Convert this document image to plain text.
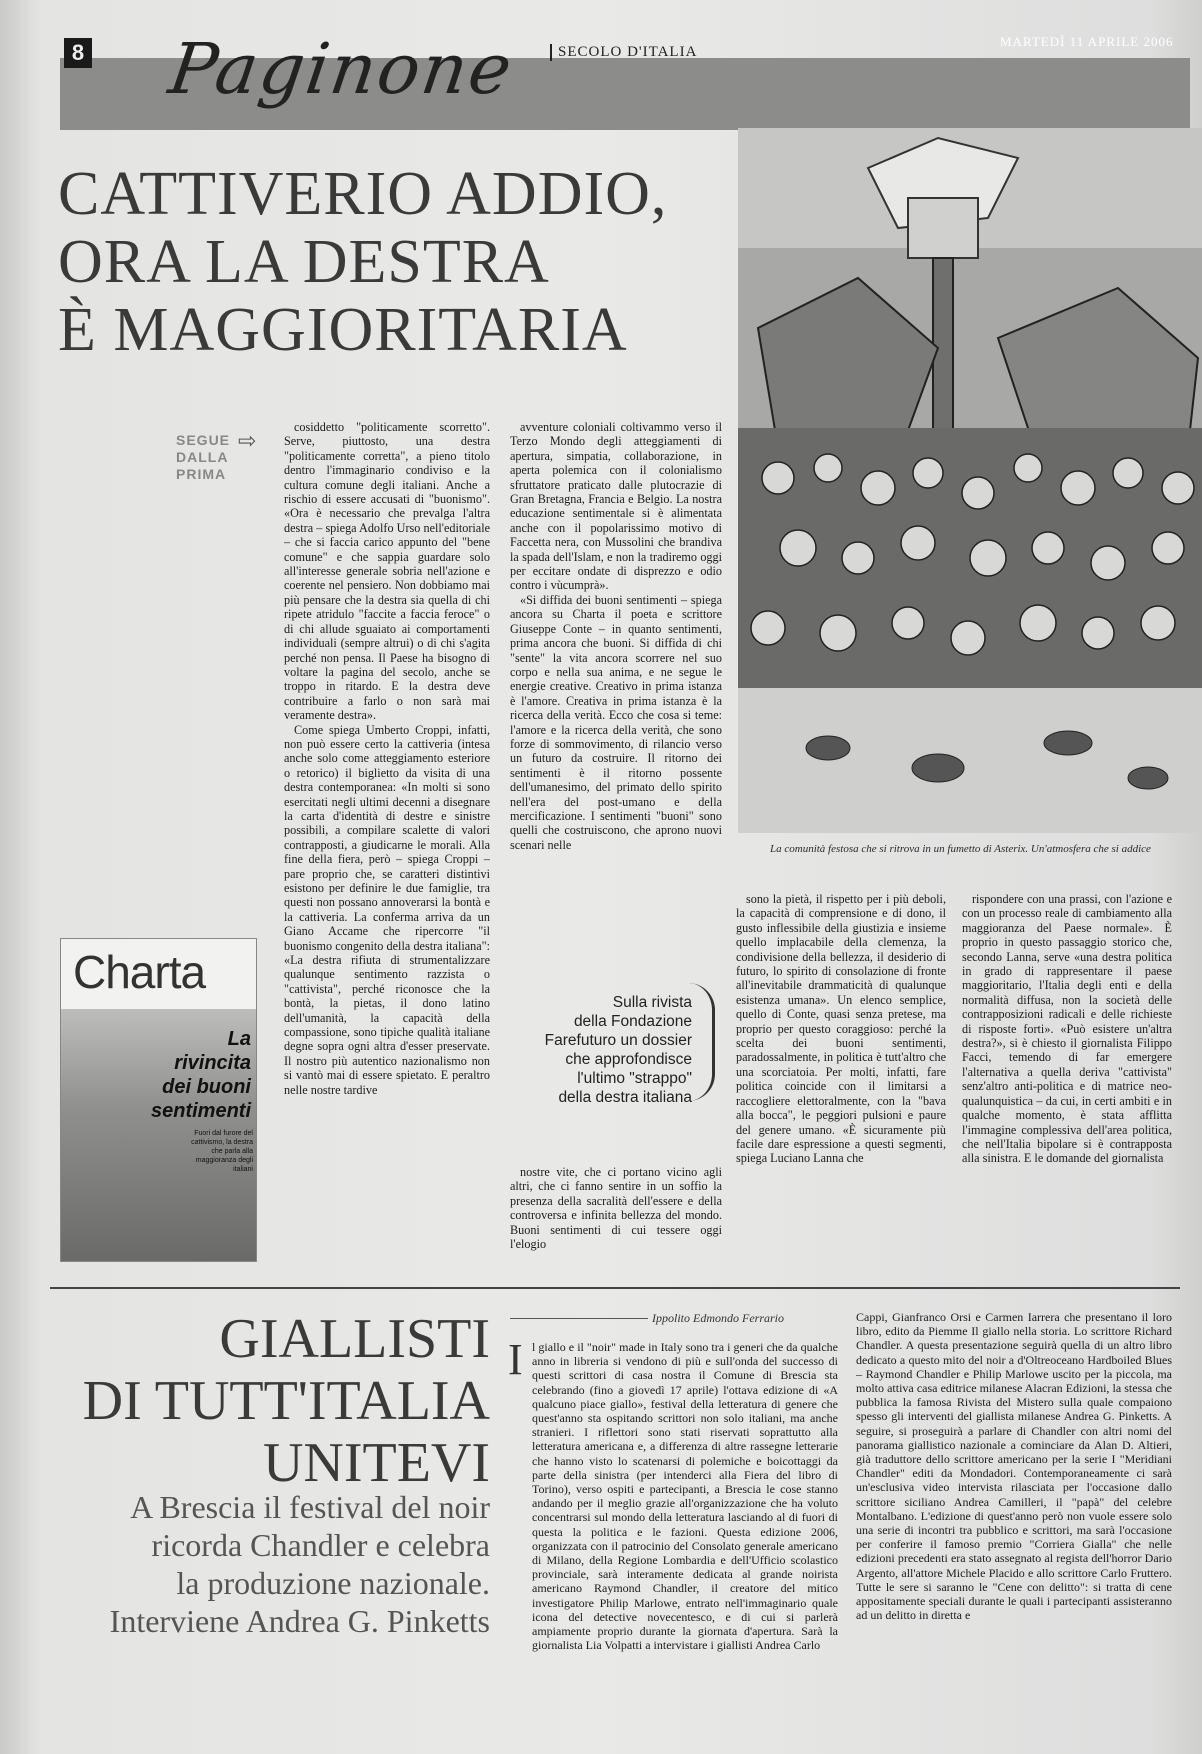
8 Paginone	SECOLO D'ITALIA
MARTEDÌ 11 APRILE 2006
CATTIVERIO ADDIO,
ORA LA DESTRA
È MAGGIORITARIA
La comunità festosa che si ritrova in un fumetto di Asterix. Un'atmosfera che si addice
SEGUE
DALLA
PRIMA
⇨

cosiddetto "politicamente scorretto". Serve, piuttosto, una destra "politicamente corretta", a pieno titolo dentro l'immaginario condiviso e la cultura comune degli italiani. Anche a rischio di essere accusati di "buonismo". «Ora è necessario che prevalga l'altra destra – spiega Adolfo Urso nell'editoriale – che si faccia carico appunto del "bene comune" e che sappia guardare solo all'interesse generale sobria nell'azione e coerente nel pensiero. Non dobbiamo mai più pensare che la destra sia quella di chi ripete atridulo "faccite a faccia feroce" o di chi allude sguaiato ai comportamenti individuali (sempre altrui) o di chi s'agita perché non pensa. Il Paese ha bisogno di voltare la pagina del secolo, anche se troppo in ritardo. E la destra deve contribuire a farlo o non sarà mai veramente destra».

Come spiega Umberto Croppi, infatti, non può essere certo la cattiveria (intesa anche solo come atteggiamento esteriore o retorico) il biglietto da visita di una destra contemporanea: «In molti si sono esercitati negli ultimi decenni a disegnare la carta d'identità di destre e sinistre possibili, a compilare scalette di valori contrapposti, a giudicarne le morali. Alla fine della fiera, però – spiega Croppi – pare proprio che, se caratteri distintivi esistono per definire le due famiglie, tra questi non possano annoverarsi la bontà e la cattiveria. La conferma arriva da un Giano Accame che ripercorre "il buonismo congenito della destra italiana": «La destra rifiuta di strumentalizzare qualunque sentimento razzista o "cattivista", perché riconosce che la bontà, la pietas, il dono latino dell'umanità, la capacità della compassione, sono tipiche qualità italiane degne sopra ogni altra d'esser preservate. Il nostro più autentico nazionalismo non si vantò mai di essere spietato. E peraltro nelle nostre tardive

avventure coloniali coltivammo verso il Terzo Mondo degli atteggiamenti di apertura, simpatia, collaborazione, in aperta polemica con il colonialismo sfruttatore praticato dalle plutocrazie di Gran Bretagna, Francia e Belgio. La nostra educazione sentimentale si è alimentata anche con il popolarissimo motivo di Faccetta nera, con Mussolini che brandiva la spada dell'Islam, e non la tradiremo oggi per eccitare ondate di disprezzo e odio contro i vùcumprà».

«Si diffida dei buoni sentimenti – spiega ancora su Charta il poeta e scrittore Giuseppe Conte – in quanto sentimenti, prima ancora che buoni. Si diffida di chi "sente" la vita ancora scorrere nel suo corpo e nella sua anima, e ne segue le energie creative. Creativo in prima istanza è l'amore. Creativa in prima istanza è la ricerca della verità. Ecco che cosa si teme: l'amore e la ricerca della verità, che sono forze di sommovimento, di rilancio verso un futuro da costruire. Il ritorno dei sentimenti è il ritorno possente dell'umanesimo, del primato dello spirito nell'era del post-umano e della mercificazione. I sentimenti "buoni" sono quelli che costruiscono, che aprono nuovi scenari nelle

nostre vite, che ci portano vicino agli altri, che ci fanno sentire in un soffio la presenza della sacralità dell'essere e della controversa e infinita bellezza del mondo. Buoni sentimenti di cui tessere oggi l'elogio

sono la pietà, il rispetto per i più deboli, la capacità di comprensione e di dono, il gusto inflessibile della giustizia e insieme quello implacabile della clemenza, la condivisione della bellezza, il desiderio di futuro, lo spirito di consolazione di fronte all'inevitabile drammaticità di qualunque esistenza umana». Un elenco semplice, quello di Conte, quasi senza pretese, ma proprio per questo coraggioso: perché la scelta dei buoni sentimenti, paradossalmente, in politica è tutt'altro che una scorciatoia. Per molti, infatti, fare politica coincide con il limitarsi a raccogliere elettoralmente, con la "bava alla bocca", le peggiori pulsioni e paure del genere umano. «È sicuramente più facile dare espressione a questi segmenti, spiega Luciano Lanna che

rispondere con una prassi, con l'azione e con un processo reale di cambiamento alla maggioranza del Paese normale». È proprio in questo passaggio storico che, secondo Lanna, serve «una destra politica in grado di rappresentare il paese maggioritario, l'Italia degli enti e della normalità diffusa, non la società delle contrapposizioni radicali e delle richieste di risposte forti». «Può esistere un'altra destra?», si è chiesto il giornalista Filippo Facci, temendo di far emergere l'alternativa a quella deriva "cattivista" senz'altro anti-politica e di matrice neo-qualunquistica – da cui, in certi ambiti e in qualche momento, è stata afflitta l'immagine complessiva dell'area politica, che nell'Italia bipolare si è contrapposta alla sinistra. E le domande del giornalista

Charta
La rivincita
dei buoni
sentimenti
Fuori dal furore del cattivismo, la destra che parla alla maggioranza degli italiani
Sulla rivista
della Fondazione
Farefuturo un dossier
che approfondisce
l'ultimo "strappo"
della destra italiana
GIALLISTI
DI TUTT'ITALIA
UNITEVI
A Brescia il festival del noir
ricorda Chandler e celebra
la produzione nazionale.
Interviene Andrea G. Pinketts
Ippolito Edmondo Ferrario
I l giallo e il "noir" made in Italy sono tra i generi che da qualche anno in libreria si vendono di più e sull'onda del successo di questi scrittori di casa nostra il Comune di Brescia sta celebrando (fino a giovedì 17 aprile) l'ottava edizione di «A qualcuno piace giallo», festival della letteratura di genere che quest'anno sta ospitando scrittori non solo italiani, ma anche stranieri. I riflettori sono stati riservati soprattutto alla letteratura americana e, a differenza di altre rassegne letterarie che hanno visto lo scatenarsi di polemiche e boicottaggi da parte della sinistra (per intenderci alla Fiera del libro di Torino), verso ospiti e partecipanti, a Brescia le cose stanno andando per il meglio grazie all'organizzazione che ha voluto concentrarsi sul mondo della letteratura lasciando al di fuori di questa la politica e le fazioni. Questa edizione 2006, organizzata con il patrocinio del Consolato generale americano di Milano, della Regione Lombardia e dell'Ufficio scolastico provinciale, sarà interamente dedicata al grande noirista americano Raymond Chandler, il creatore del mitico investigatore Philip Marlowe, entrato nell'immaginario quale icona del detective novecentesco, e di cui si parlerà ampiamente proprio durante la giornata d'apertura. Sarà la giornalista Lia Volpatti a intervistare i giallisti Andrea Carlo

Cappi, Gianfranco Orsi e Carmen Iarrera che presentano il loro libro, edito da Piemme Il giallo nella storia. Lo scrittore Richard Chandler. A questa presentazione seguirà quella di un altro libro dedicato a questo mito del noir a d'Oltreoceano Hardboiled Blues – Raymond Chandler e Philip Marlowe uscito per la piccola, ma molto attiva casa editrice milanese Alacran Edizioni, la stessa che pubblica la famosa Rivista del Mistero sulla quale compaiono spesso gli interventi del giallista milanese Andrea G. Pinketts. A seguire, si proseguirà a parlare di Chandler con altri nomi del panorama giallistico nazionale a cominciare da Alan D. Altieri, già traduttore dello scrittore americano per la serie I "Meridiani Chandler" editi da Mondadori. Contemporaneamente ci sarà un'esclusiva video intervista rilasciata per l'occasione dallo scrittore siciliano Andrea Camilleri, il "papà" del celebre Montalbano. L'edizione di quest'anno però non vuole essere solo una serie di incontri tra pubblico e scrittori, ma sarà l'occasione per conferire il famoso premio "Corriera Gialla" che nelle edizioni precedenti era stato assegnato al regista dell'horror Dario Argento, all'attore Michele Placido e allo scrittore Carlo Fruttero. Tutte le sere si saranno le "Cene con delitto": si tratta di cene appositamente speciali durante le quali i partecipanti assisteranno ad un delitto in diretta e
